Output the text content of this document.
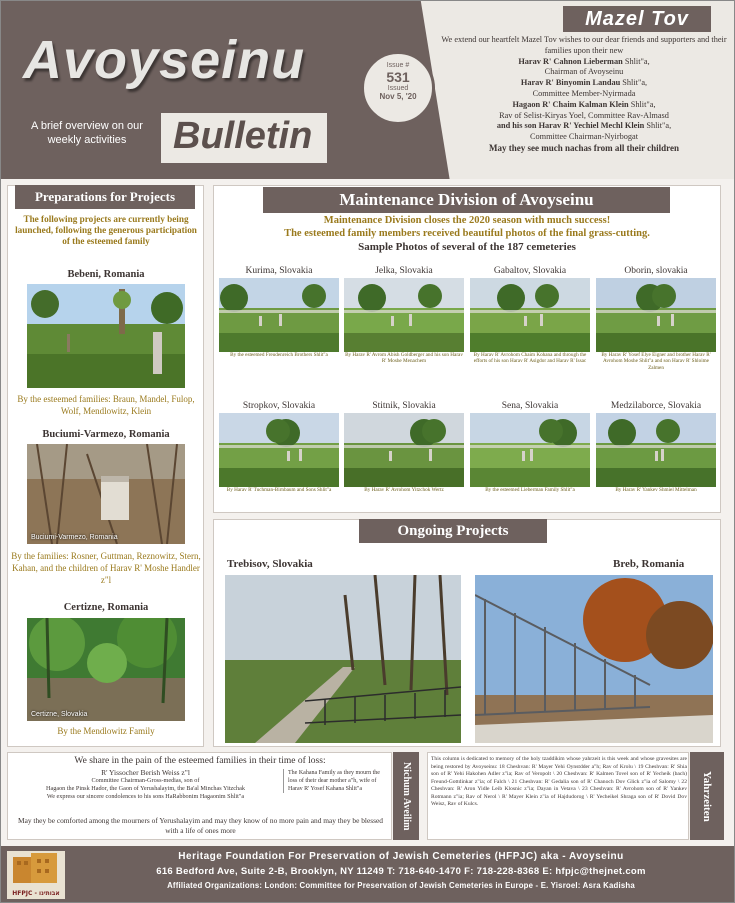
Avoyseinu
A brief overview on our weekly activities	Bulletin
Issue #
531
Issued
Nov 5, '20
Mazel Tov
We extend our heartfelt Mazel Tov wishes to our dear friends and supporters and their families upon their new
Harav R' Cahnon Lieberman Shlit"a,
Chairman of Avoyseinu
Harav R' Binyomin Landau Shlit"a,
Committee Member-Nyirmada
Hagaon R' Chaim Kalman Klein Shlit"a,
Rav of Selist-Kiryas Yoel, Committee Rav-Almasd
and his son Harav R' Yechiel Mechl Klein Shlit"a,
Committee Chairman-Nyirbogat
May they see much nachas from all their children
Preparations for Projects
The following projects are currently being launched, following the generous participation of the esteemed family
Bebeni, Romania
By the esteemed families: Braun, Mandel, Fulop, Wolf, Mendlowitz, Klein
Buciumi-Varmezo, Romania
Buciumi-Varmezo, Romania
By the families: Rosner, Guttman, Reznowitz, Stern, Kahan, and the children of Harav R' Moshe Handler z"l
Certizne, Romania
Certizne, Slovakia
By the Mendlowitz Family
Maintenance Division of Avoyseinu
Maintenance Division closes the 2020 season with much success!
The esteemed family members received beautiful photos of the final grass-cutting.
Sample Photos of several of the 187 cemeteries
Kurima, Slovakia
By the esteemed Freudenreich Brothers Shlit"a
Jelka, Slovakia
By Harav R' Avrom Abish Goldberger and his son Harav R' Moshe Menachem
Gabaltov, Slovakia
By Harav R' Avrohom Chaim Kohana and through the efforts of his son Harav R' Asigdor and Harav R' Issac
Oborin, slovakia
By Harav R' Yosef Elye Eigner and brother Harav R' Avrohom Moshe Shlit"a and son Harav R' Shloime Zalmen
Stropkov, Slovakia
By Harav R' Tuchman-Birnbaum and Sons Shlit"a
Stitnik, Slovakia
By Harav R' Avrohom Yitzchok Wertz
Sena, Slovakia
By the esteemed Lieberman Family Shlit"a
Medzilaborce, Slovakia
By Harav R' Yankev Shmiel Mittelman
Ongoing Projects
Trebisov, Slovakia	Breb, Romania
Nichum Aveilim
We share in the pain of the esteemed families in their time of loss:
R' Yissocher Berish Weiss z"l
Committee Chairman-Gross-medias, son of
Hagaon the Pinsk Hador, the Gaon of Yerushalayim, the Ba'al Minchas Yitzchak
We express our sincere condolences to his sons HaRabbonim Hagaonim Shlit"a
The Kahana Family as they mourn the loss of their dear mother a"h, wife of Harav R' Yosef Kahana Shlit"a
May they be comforted among the mourners of Yerushalayim and may they know of no more pain and may they be blessed with a life of ones more
Yahrzeiten
This column is dedicated to memory of the holy tzaddikim whose yahrzeit is this week and whose gravesites are being restored by Avoyseinu: 18 Cheshvan: R' Mayer Yehi Oynstdder a"h; Rav of Krolu \ 19 Cheshvan: R' Shia son of R' Yehi Hakohen Adler z"ia; Rav of Veropolt \ 20 Cheshvan: R' Kalmen Tovel son of R' Yecheik (bach) Freund-Gottdinkar z"ia; of Falch \ 21 Cheshvan: R' Gedalia son of R' Chanoch Dov Glick z"ia of Salomy \ 22 Cheshvan: R' Aron Yidle Leib Klosnic z"ia; Dayan in Vetava \ 23 Cheshvan: R' Avrohom son of R' Yankev Rotmann z"ia; Rav of Nerol \ R' Mayer Klein z"ia of Hajdudorog \ R' Yecheikel Shraga son of R' Dovid Dov Weisz, Rav of Kulcs.
HFPJC - אבותינו
Heritage Foundation For Preservation of Jewish Cemeteries (HFPJC) aka - Avoyseinu
616 Bedford Ave, Suite 2-B, Brooklyn, NY 11249 T: 718-640-1470 F: 718-228-8368 E: hfpjc@thejnet.com
Affiliated Organizations: London: Committee for Preservation of Jewish Cemeteries in Europe - E. Yisroel: Asra Kadisha
